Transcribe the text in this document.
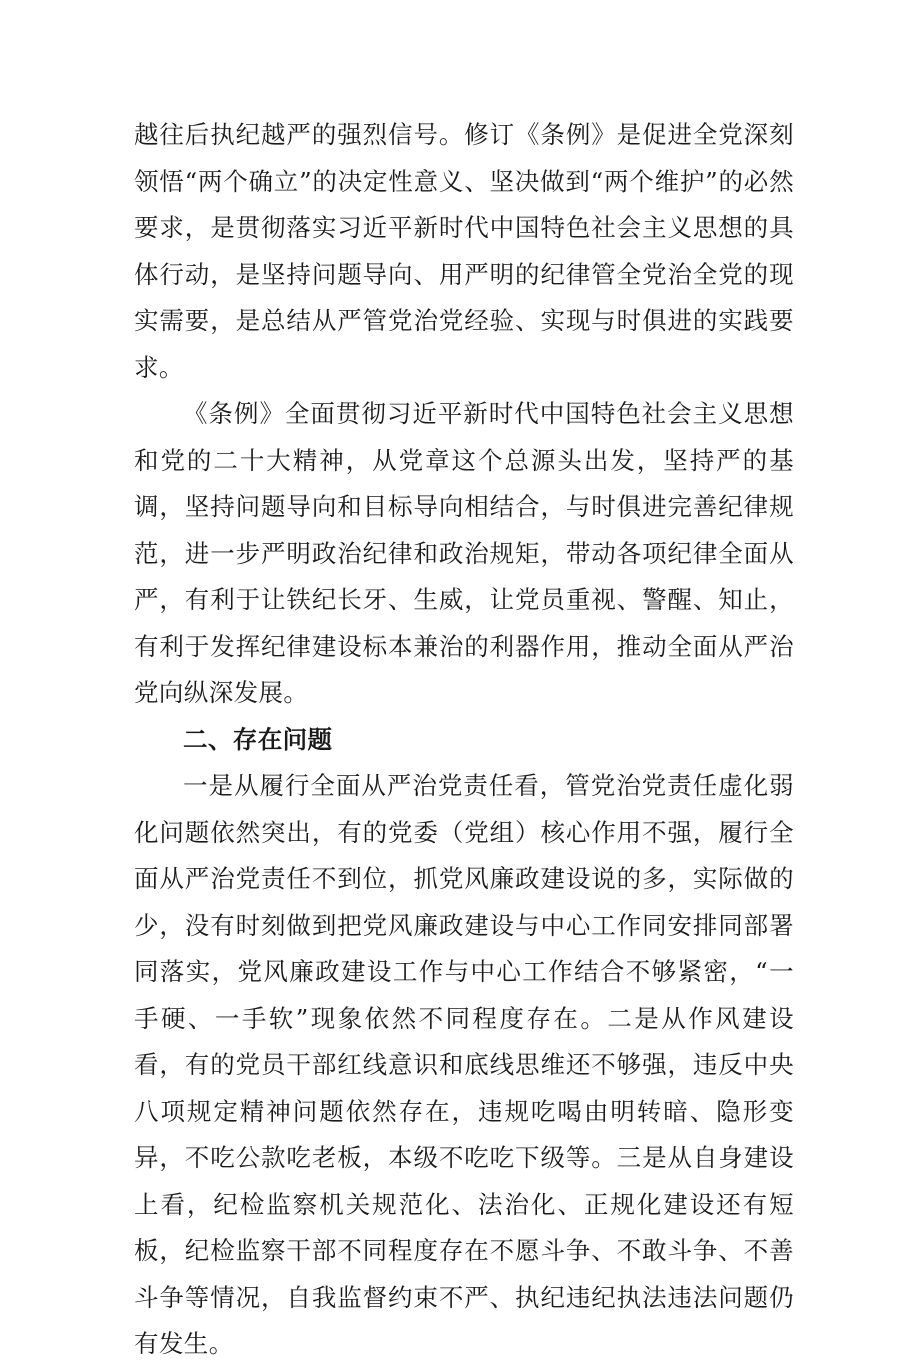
越往后执纪越严的强烈信号。修订《条例》是促进全党深刻领悟“两个确立”的决定性意义、坚决做到“两个维护”的必然要求，是贯彻落实习近平新时代中国特色社会主义思想的具体行动，是坚持问题导向、用严明的纪律管全党治全党的现实需要，是总结从严管党治党经验、实现与时俱进的实践要求。

《条例》全面贯彻习近平新时代中国特色社会主义思想和党的二十大精神，从党章这个总源头出发，坚持严的基调，坚持问题导向和目标导向相结合，与时俱进完善纪律规范，进一步严明政治纪律和政治规矩，带动各项纪律全面从严，有利于让铁纪长牙、生威，让党员重视、警醒、知止，有利于发挥纪律建设标本兼治的利器作用，推动全面从严治党向纵深发展。

二、存在问题

一是从履行全面从严治党责任看，管党治党责任虚化弱化问题依然突出，有的党委（党组）核心作用不强，履行全面从严治党责任不到位，抓党风廉政建设说的多，实际做的少，没有时刻做到把党风廉政建设与中心工作同安排同部署同落实，党风廉政建设工作与中心工作结合不够紧密，“一手硬、一手软”现象依然不同程度存在。二是从作风建设看，有的党员干部红线意识和底线思维还不够强，违反中央八项规定精神问题依然存在，违规吃喝由明转暗、隐形变异，不吃公款吃老板，本级不吃吃下级等。三是从自身建设上看，纪检监察机关规范化、法治化、正规化建设还有短板，纪检监察干部不同程度存在不愿斗争、不敢斗争、不善斗争等情况，自我监督约束不严、执纪违纪执法违法问题仍有发生。
